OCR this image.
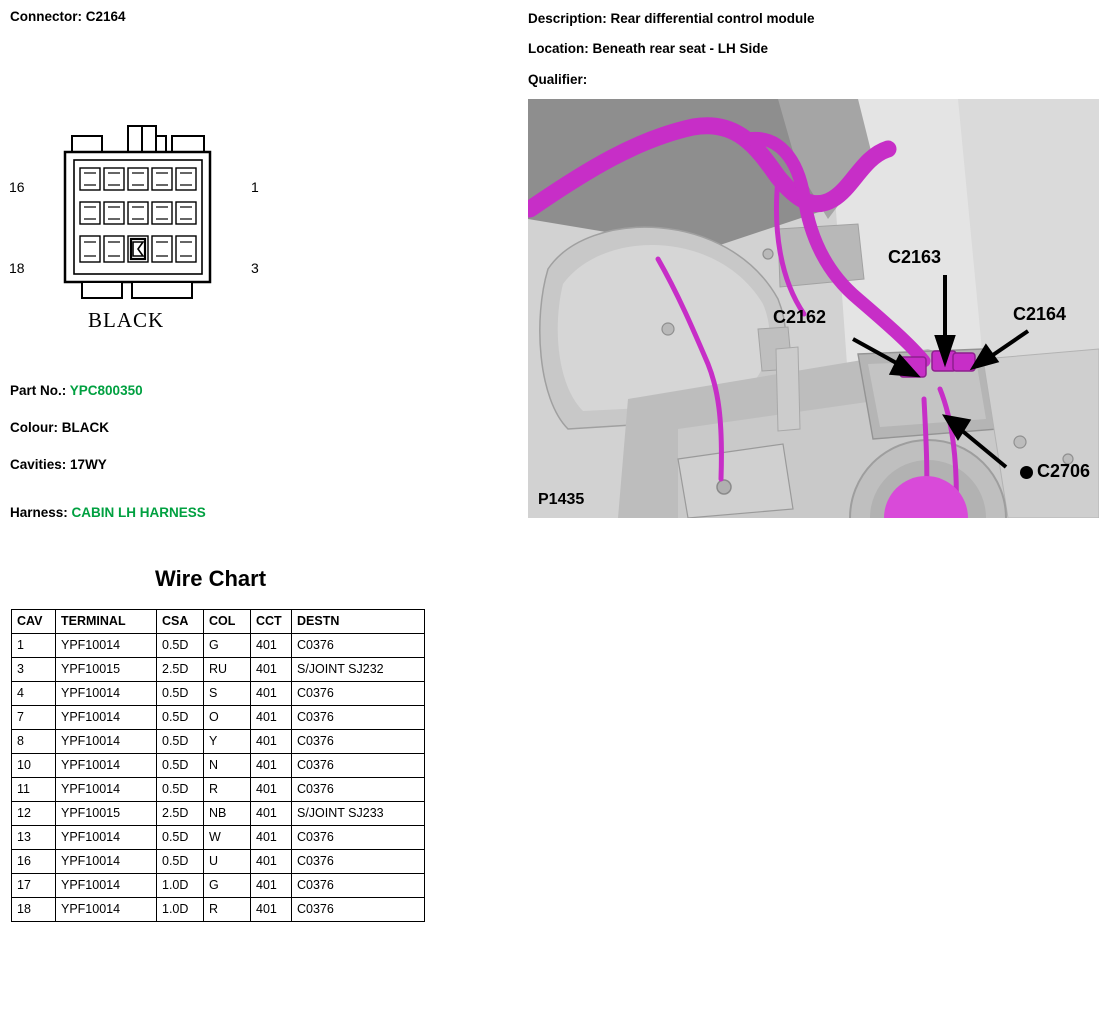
Connector: C2164
16	1
18	3
BLACK
Part No.: YPC800350
Colour: BLACK
Cavities: 17WY
Harness: CABIN LH HARNESS
Wire Chart
CAV	TERMINAL	CSA	COL	CCT	DESTN
1	YPF10014	0.5D	G	401	C0376
3	YPF10015	2.5D	RU	401	S/JOINT SJ232
4	YPF10014	0.5D	S	401	C0376
7	YPF10014	0.5D	O	401	C0376
8	YPF10014	0.5D	Y	401	C0376
10	YPF10014	0.5D	N	401	C0376
11	YPF10014	0.5D	R	401	C0376
12	YPF10015	2.5D	NB	401	S/JOINT SJ233
13	YPF10014	0.5D	W	401	C0376
16	YPF10014	0.5D	U	401	C0376
17	YPF10014	1.0D	G	401	C0376
18	YPF10014	1.0D	R	401	C0376
Description: Rear differential control module
Location: Beneath rear seat - LH Side
Qualifier:
C2163
C2162	C2164
C2706
P1435
